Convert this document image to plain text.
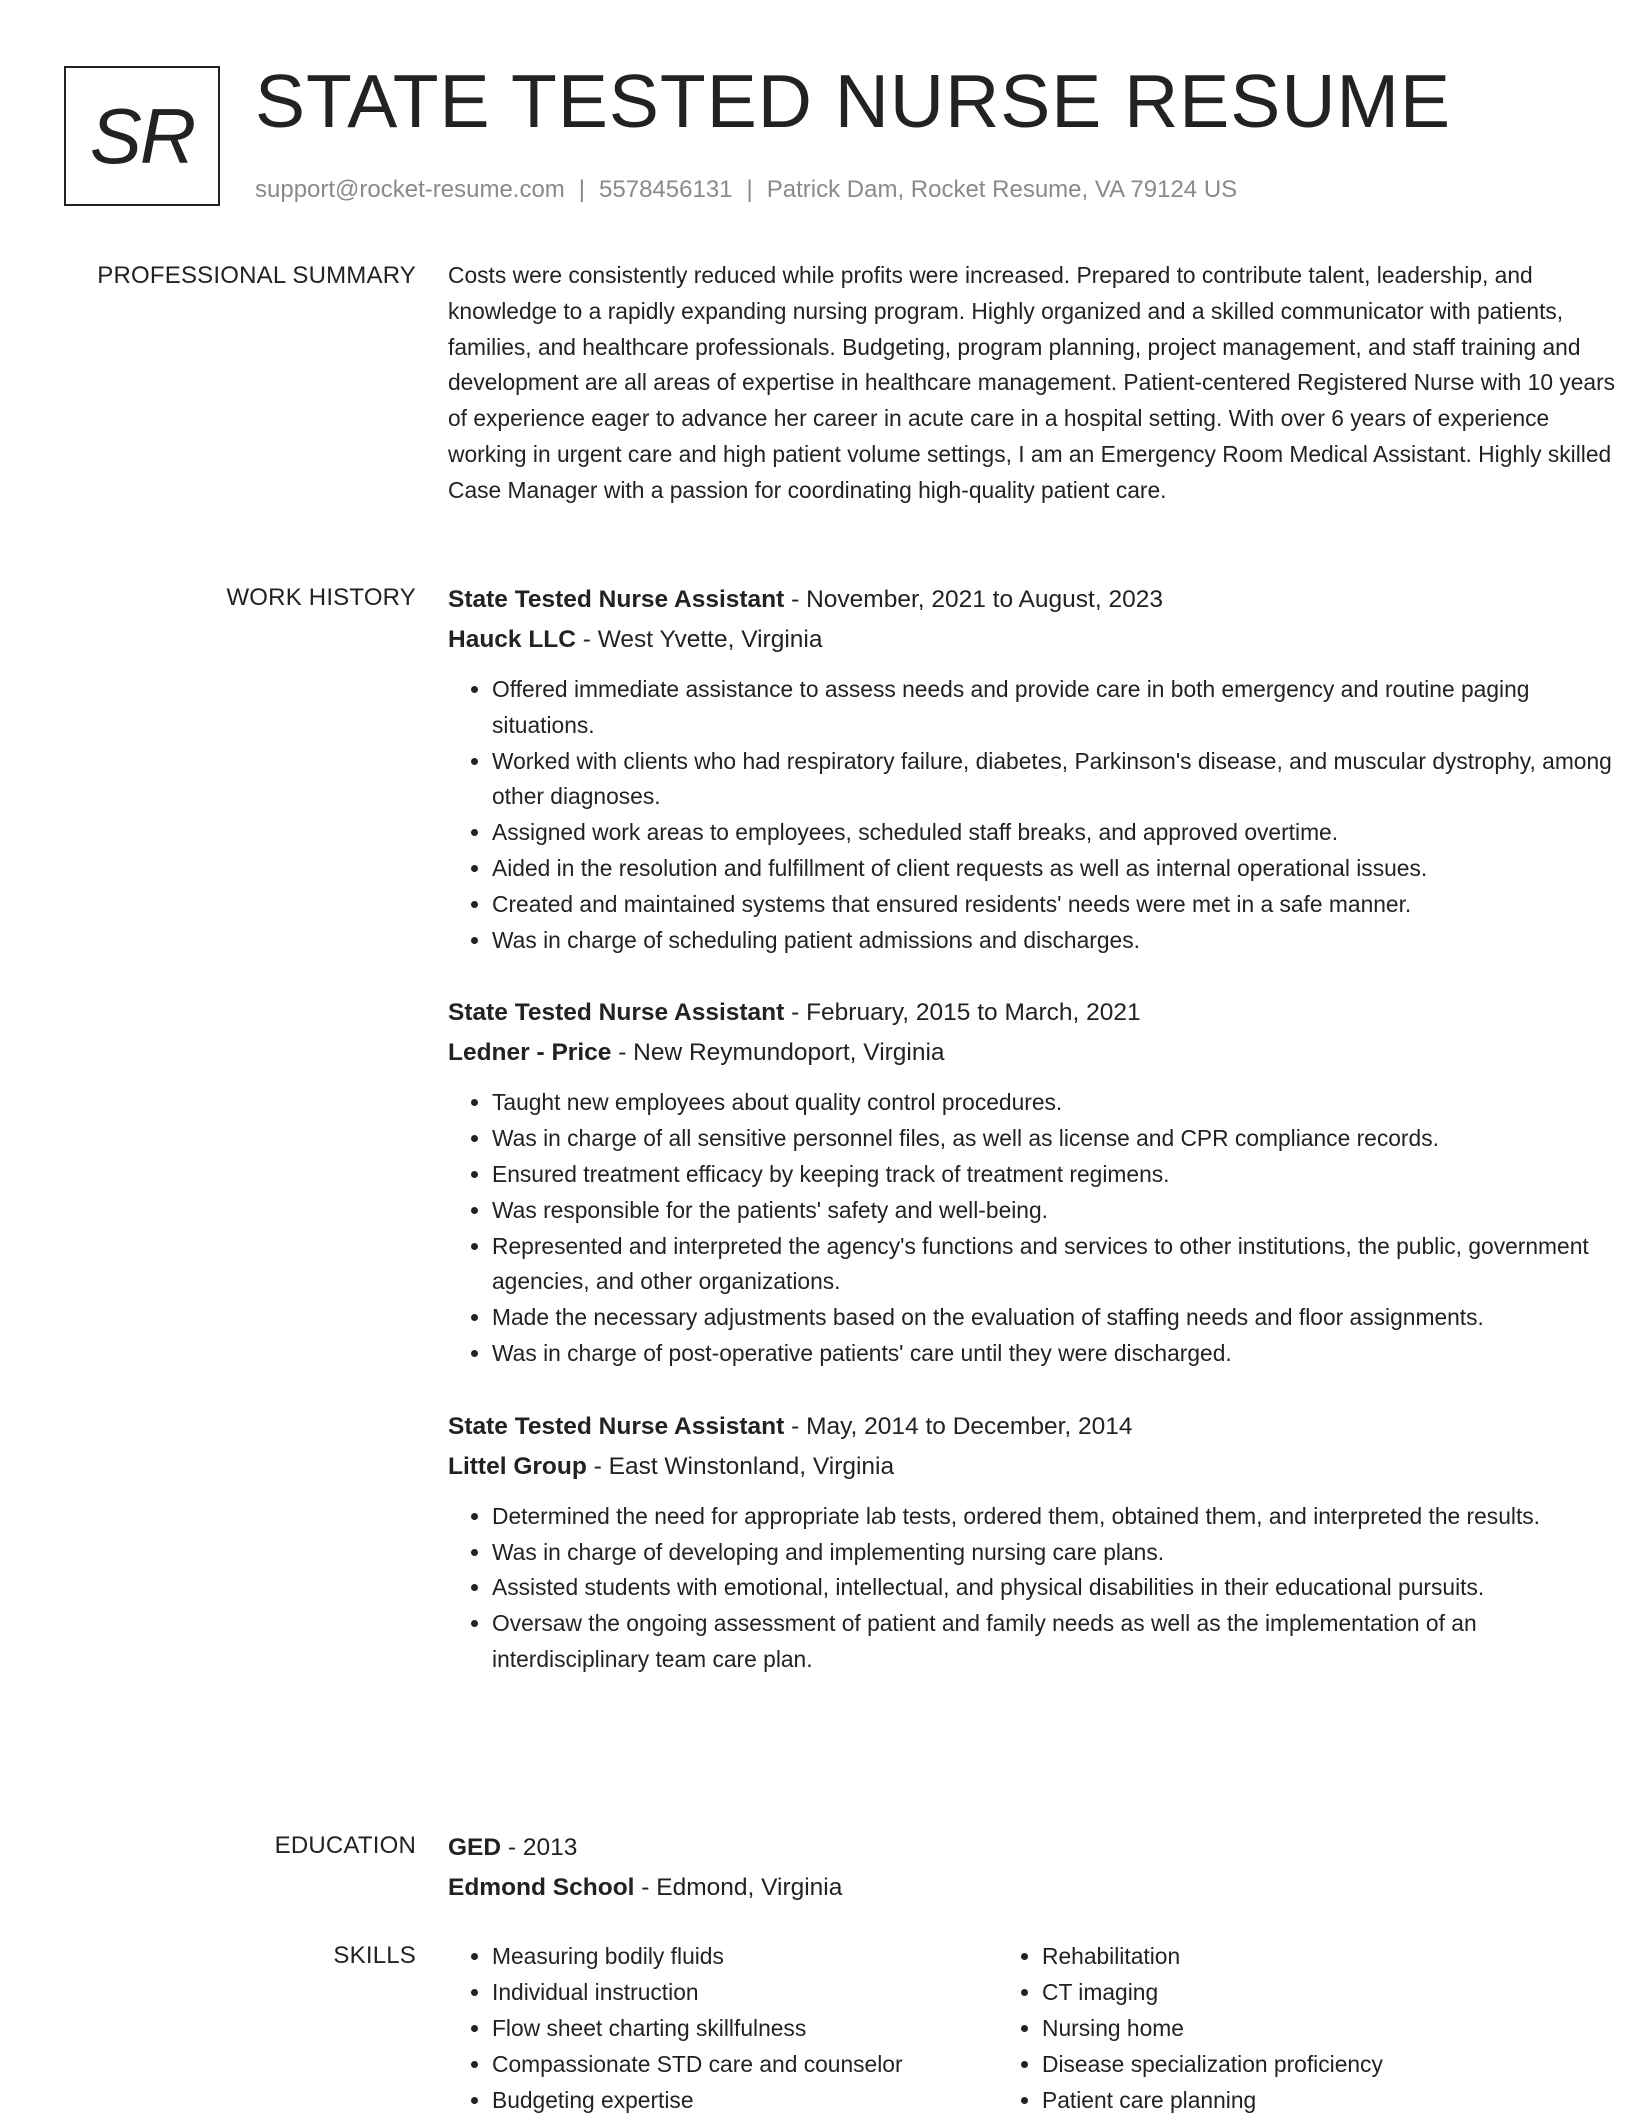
SR STATE TESTED NURSE RESUME
support@rocket-resume.com | 5578456131 | Patrick Dam, Rocket Resume, VA 79124 US
PROFESSIONAL SUMMARY Costs were consistently reduced while profits were increased. Prepared to contribute talent, leadership, and knowledge to a rapidly expanding nursing program. Highly organized and a skilled communicator with patients, families, and healthcare professionals. Budgeting, program planning, project management, and staff training and development are all areas of expertise in healthcare management. Patient-centered Registered Nurse with 10 years of experience eager to advance her career in acute care in a hospital setting. With over 6 years of experience working in urgent care and high patient volume settings, I am an Emergency Room Medical Assistant. Highly skilled Case Manager with a passion for coordinating high-quality patient care.

WORK HISTORY State Tested Nurse Assistant - November, 2021 to August, 2023
Hauck LLC - West Yvette, Virginia
• Offered immediate assistance to assess needs and provide care in both emergency and routine paging situations.
• Worked with clients who had respiratory failure, diabetes, Parkinson's disease, and muscular dystrophy, among other diagnoses.
• Assigned work areas to employees, scheduled staff breaks, and approved overtime.
• Aided in the resolution and fulfillment of client requests as well as internal operational issues.
• Created and maintained systems that ensured residents' needs were met in a safe manner.
• Was in charge of scheduling patient admissions and discharges.
State Tested Nurse Assistant - February, 2015 to March, 2021
Ledner - Price - New Reymundoport, Virginia
• Taught new employees about quality control procedures.
• Was in charge of all sensitive personnel files, as well as license and CPR compliance records.
• Ensured treatment efficacy by keeping track of treatment regimens.
• Was responsible for the patients' safety and well-being.
• Represented and interpreted the agency's functions and services to other institutions, the public, government agencies, and other organizations.
• Made the necessary adjustments based on the evaluation of staffing needs and floor assignments.
• Was in charge of post-operative patients' care until they were discharged.
State Tested Nurse Assistant - May, 2014 to December, 2014
Littel Group - East Winstonland, Virginia
• Determined the need for appropriate lab tests, ordered them, obtained them, and interpreted the results.
• Was in charge of developing and implementing nursing care plans.
• Assisted students with emotional, intellectual, and physical disabilities in their educational pursuits.
• Oversaw the ongoing assessment of patient and family needs as well as the implementation of an interdisciplinary team care plan.
EDUCATION GED - 2013
Edmond School - Edmond, Virginia
SKILLS
•	Measuring bodily fluids
• Individual instruction
• Flow sheet charting skillfulness
• Compassionate STD care and counselor
• Budgeting expertise
• Rehabilitation
• CT imaging
• Nursing home
• Disease specialization proficiency
• Patient care planning
